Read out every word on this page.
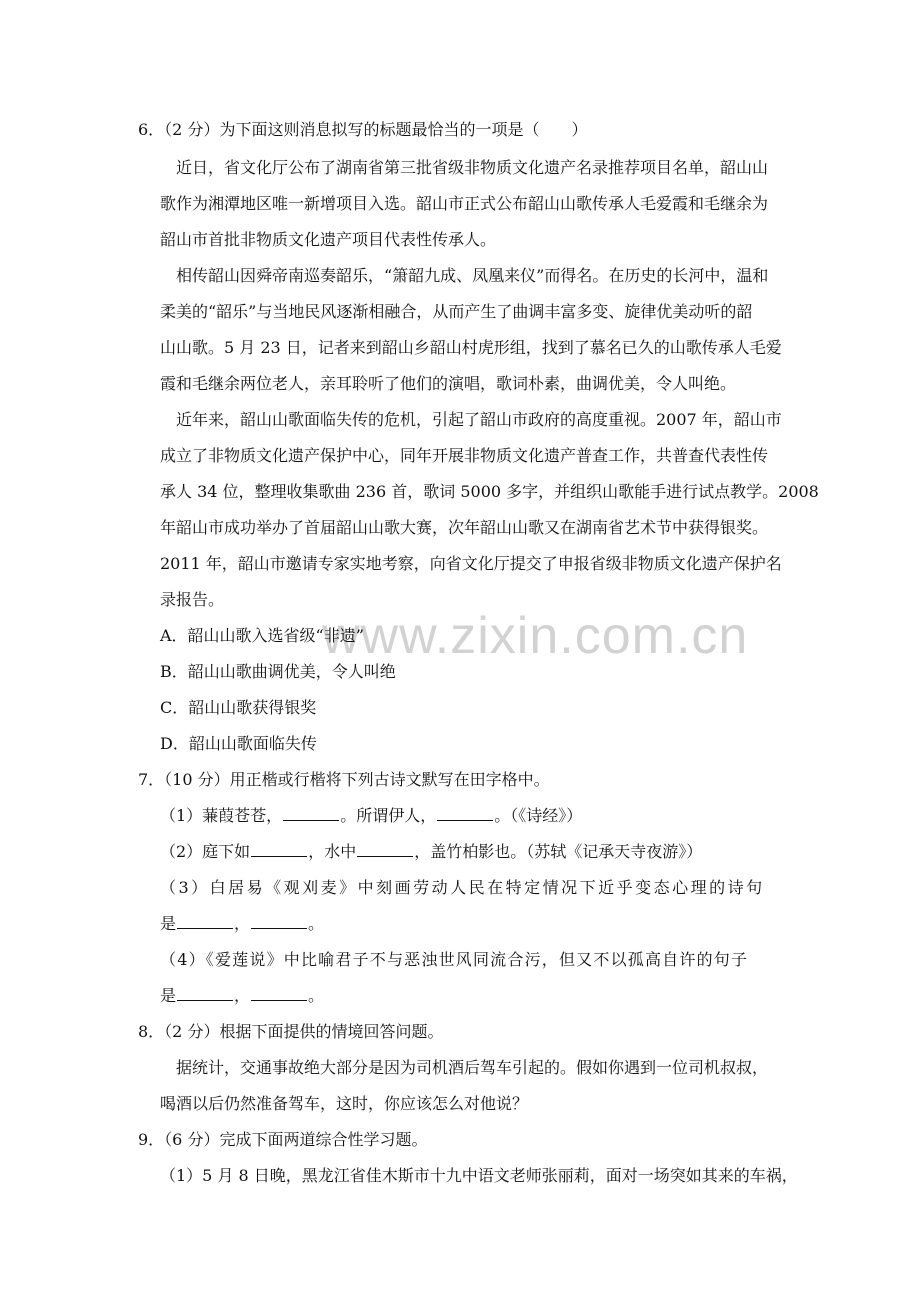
www.zixin.com.cn
6．（2 分）为下面这则消息拟写的标题最恰当的一项是（　　）
近日，省文化厅公布了湖南省第三批省级非物质文化遗产名录推荐项目名单，韶山山
歌作为湘潭地区唯一新增项目入选。韶山市正式公布韶山山歌传承人毛爱霞和毛继余为
韶山市首批非物质文化遗产项目代表性传承人。
相传韶山因舜帝南巡奏韶乐，“箫韶九成、凤凰来仪”而得名。在历史的长河中，温和
柔美的“韶乐”与当地民风逐渐相融合，从而产生了曲调丰富多变、旋律优美动听的韶
山山歌。5 月 23 日，记者来到韶山乡韶山村虎形组，找到了慕名已久的山歌传承人毛爱
霞和毛继余两位老人，亲耳聆听了他们的演唱，歌词朴素，曲调优美，令人叫绝。
近年来，韶山山歌面临失传的危机，引起了韶山市政府的高度重视。2007 年，韶山市
成立了非物质文化遗产保护中心，同年开展非物质文化遗产普查工作，共普查代表性传
承人 34 位，整理收集歌曲 236 首，歌词 5000 多字，并组织山歌能手进行试点教学。2008
年韶山市成功举办了首届韶山山歌大赛，次年韶山山歌又在湖南省艺术节中获得银奖。
2011 年，韶山市邀请专家实地考察，向省文化厅提交了申报省级非物质文化遗产保护名
录报告。
A．韶山山歌入选省级“非遗”
B．韶山山歌曲调优美，令人叫绝
C．韶山山歌获得银奖
D．韶山山歌面临失传
7．（10 分）用正楷或行楷将下列古诗文默写在田字格中。
（1）蒹葭苍苍，	。所谓伊人，	。（《诗经》）
（2）庭下如	，水中	，盖竹柏影也。（苏轼《记承天寺夜游》）
（3）白居易《观刈麦》中刻画劳动人民在特定情况下近乎变态心理的诗句
是	，	。
（4）《爱莲说》中比喻君子不与恶浊世风同流合污，但又不以孤高自许的句子
是	，	。
8．（2 分）根据下面提供的情境回答问题。
据统计，交通事故绝大部分是因为司机酒后驾车引起的。假如你遇到一位司机叔叔，
喝酒以后仍然准备驾车，这时，你应该怎么对他说？
9．（6 分）完成下面两道综合性学习题。
（1）5 月 8 日晚，黑龙江省佳木斯市十九中语文老师张丽莉，面对一场突如其来的车祸，
